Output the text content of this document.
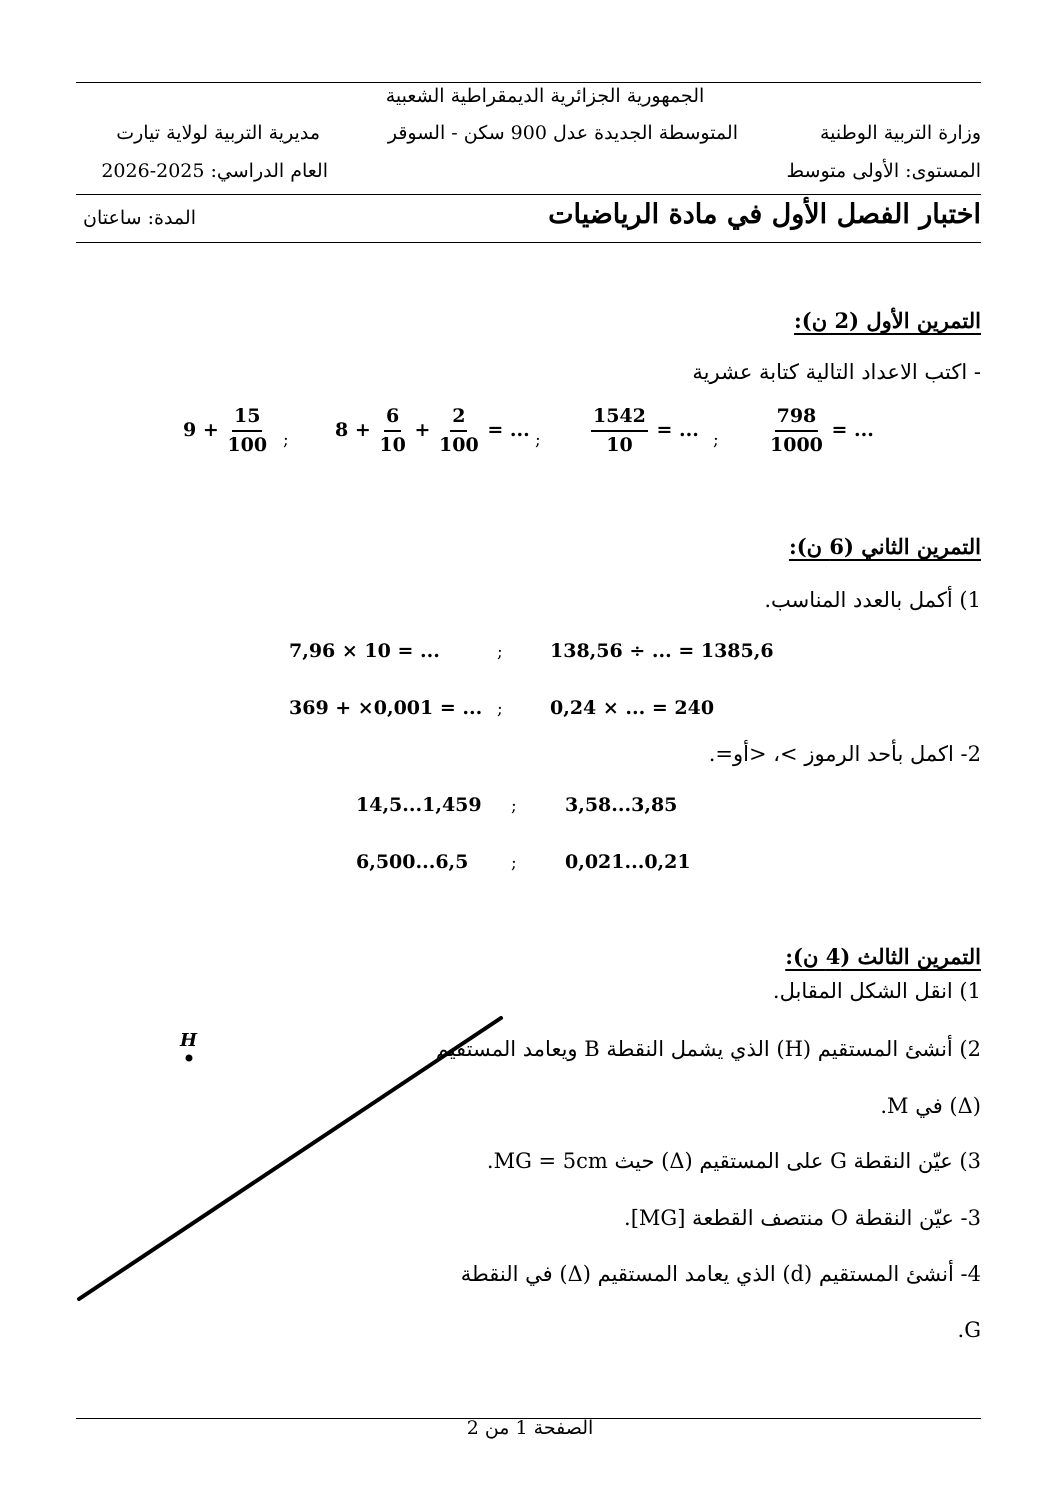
الجمهورية الجزائرية الديمقراطية الشعبية
وزارة التربية الوطنية
المتوسطة الجديدة عدل 900 سكن - السوقر
مديرية التربية لولاية تيارت
المستوى: الأولى متوسط
العام الدراسي: 2025-2026
اختبار الفصل الأول في مادة الرياضيات
المدة: ساعتان
التمرين الأول (2 ن):
- اكتب الاعداد التالية كتابة عشرية
$\frac{798}{1000}$ = ...
;
$\frac{1542}{10}$ = ...
;
$8 + \frac{6}{10} + \frac{2}{100}$ = ...
;
$9 + \frac{15}{100}$
التمرين الثاني (6 ن):
1) أكمل بالعدد المناسب.
138,56 ÷ ... = 1385,6
;
7,96 × 10 = ...
0,24 × ... = 240
;
369 + ×0,001 = ...
2- اكمل بأحد الرموز >، <أو=.
3,58...3,85
;
14,5...1,459
0,021...0,21
;
6,500...6,5
التمرين الثالث (4 ن):
1) انقل الشكل المقابل.
2) أنشئ المستقيم (H) الذي يشمل النقطة B ويعامد المستقيم
(Δ) في M.
3) عيّن النقطة G على المستقيم (Δ) حيث MG = 5cm.
3- عيّن النقطة O منتصف القطعة [MG].
4- أنشئ المستقيم (d) الذي يعامد المستقيم (Δ) في النقطة
G.
H
الصفحة 1 من 2
